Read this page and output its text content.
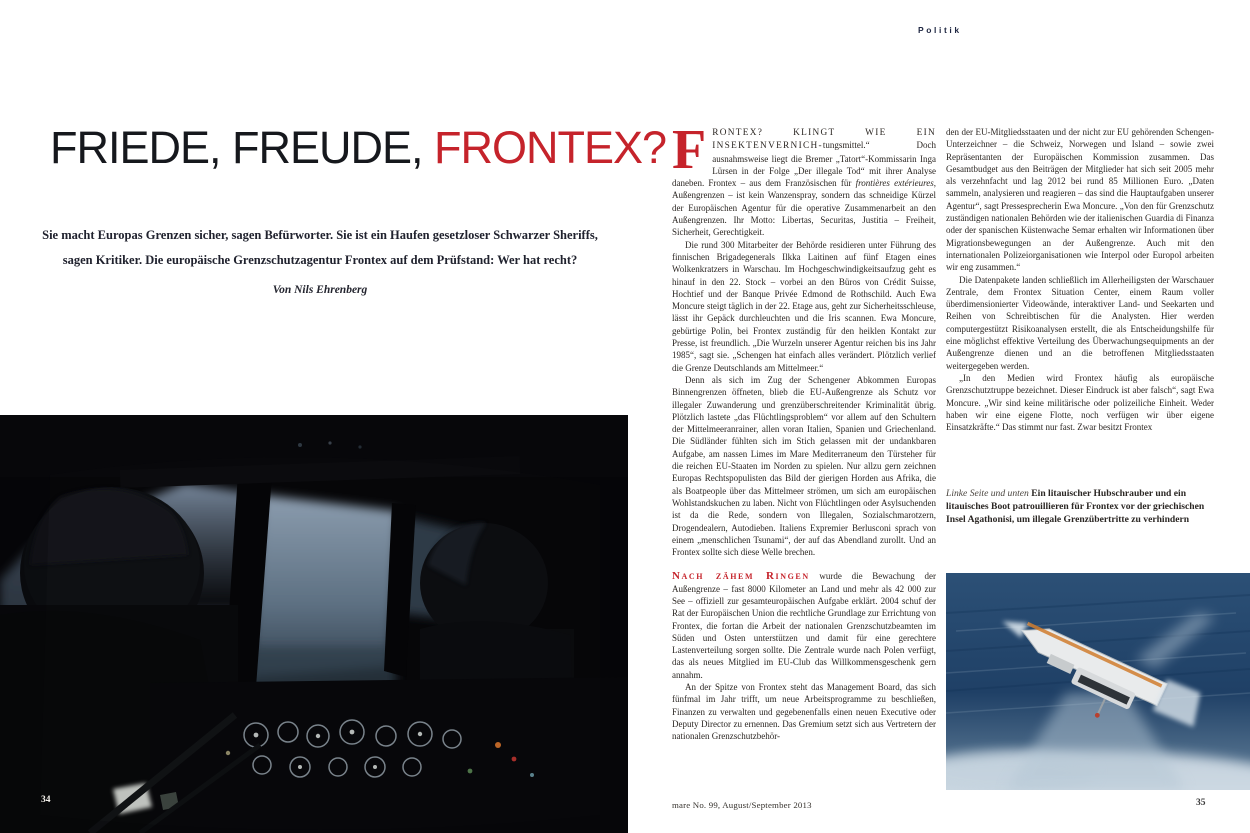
Politik
FRIEDE, FREUDE, FRONTEX?
Sie macht Europas Grenzen sicher, sagen Befürworter. Sie ist ein Haufen gesetzloser Schwarzer Sheriffs, sagen Kritiker. Die europäische Grenzschutzagentur Frontex auf dem Prüfstand: Wer hat recht?
Von Nils Ehrenberg
34

FRONTEX? KLINGT WIE EIN INSEKTENVERNICH-tungsmittel.“ Doch ausnahmsweise liegt die Bremer „Tatort“-Kommissarin Inga Lürsen in der Folge „Der illegale Tod“ mit ihrer Analyse daneben. Frontex – aus dem Französischen für frontières extérieures, Außengrenzen – ist kein Wanzenspray, sondern das schneidige Kürzel der Europäischen Agentur für die operative Zusammenarbeit an den Außengrenzen. Ihr Motto: Libertas, Securitas, Justitia – Freiheit, Sicherheit, Gerechtigkeit.

Die rund 300 Mitarbeiter der Behörde residieren unter Führung des finnischen Brigadegenerals Ilkka Laitinen auf fünf Etagen eines Wolkenkratzers in Warschau. Im Hochgeschwindigkeitsaufzug geht es hinauf in den 22. Stock – vorbei an den Büros von Crédit Suisse, Hochtief und der Banque Privée Edmond de Rothschild. Auch Ewa Moncure steigt täglich in der 22. Etage aus, geht zur Sicherheitsschleuse, lässt ihr Gepäck durchleuchten und die Iris scannen. Ewa Moncure, gebürtige Polin, bei Frontex zuständig für den heiklen Kontakt zur Presse, ist freundlich. „Die Wurzeln unserer Agentur reichen bis ins Jahr 1985“, sagt sie. „Schengen hat einfach alles verändert. Plötzlich verlief die Grenze Deutschlands am Mittelmeer.“

Denn als sich im Zug der Schengener Abkommen Europas Binnengrenzen öffneten, blieb die EU-Außengrenze als Schutz vor illegaler Zuwanderung und grenzüberschreitender Kriminalität übrig. Plötzlich lastete „das Flüchtlingsproblem“ vor allem auf den Schultern der Mittelmeeranrainer, allen voran Italien, Spanien und Griechenland. Die Südländer fühlten sich im Stich gelassen mit der undankbaren Aufgabe, am nassen Limes im Mare Mediterraneum den Türsteher für die reichen EU-Staaten im Norden zu spielen. Nur allzu gern zeichnen Europas Rechtspopulisten das Bild der gierigen Horden aus Afrika, die als Boatpeople über das Mittelmeer strömen, um sich am europäischen Wohlstandskuchen zu laben. Nicht von Flüchtlingen oder Asylsuchenden ist da die Rede, sondern von Illegalen, Sozialschmarotzern, Drogendealern, Autodieben. Italiens Expremier Berlusconi sprach von einem „menschlichen Tsunami“, der auf das Abendland zurollt. Und an Frontex sollte sich diese Welle brechen.

Nach zähem Ringen wurde die Bewachung der Außengrenze – fast 8000 Kilometer an Land und mehr als 42 000 zur See – offiziell zur gesamteuropäischen Aufgabe erklärt. 2004 schuf der Rat der Europäischen Union die rechtliche Grundlage zur Errichtung von Frontex, die fortan die Arbeit der nationalen Grenzschutzbeamten im Süden und Osten unterstützen und damit für eine gerechtere Lastenverteilung sorgen sollte. Die Zentrale wurde nach Polen verfügt, das als neues Mitglied im EU-Club das Willkommensgeschenk gern annahm.

An der Spitze von Frontex steht das Management Board, das sich fünfmal im Jahr trifft, um neue Arbeitsprogramme zu beschließen, Finanzen zu verwalten und gegebenenfalls einen neuen Executive oder Deputy Director zu ernennen. Das Gremium setzt sich aus Vertretern der nationalen Grenzschutzbehör-

den der EU-Mitgliedsstaaten und der nicht zur EU gehörenden Schengen-Unterzeichner – die Schweiz, Norwegen und Island – sowie zwei Repräsentanten der Europäischen Kommission zusammen. Das Gesamtbudget aus den Beiträgen der Mitglieder hat sich seit 2005 mehr als verzehnfacht und lag 2012 bei rund 85 Millionen Euro. „Daten sammeln, analysieren und reagieren – das sind die Hauptaufgaben unserer Agentur“, sagt Pressesprecherin Ewa Moncure. „Von den für Grenzschutz zuständigen nationalen Behörden wie der italienischen Guardia di Finanza oder der spanischen Küstenwache Semar erhalten wir Informationen über Migrationsbewegungen an der Außengrenze. Auch mit den internationalen Polizeiorganisationen wie Interpol oder Europol arbeiten wir eng zusammen.“

Die Datenpakete landen schließlich im Allerheiligsten der Warschauer Zentrale, dem Frontex Situation Center, einem Raum voller überdimensionierter Videowände, interaktiver Land- und Seekarten und Reihen von Schreibtischen für die Analysten. Hier werden computergestützt Risikoanalysen erstellt, die als Entscheidungshilfe für eine möglichst effektive Verteilung des Überwachungsequipments an der Außengrenze dienen und an die betroffenen Mitgliedsstaaten weitergegeben werden.

„In den Medien wird Frontex häufig als europäische Grenzschutztruppe bezeichnet. Dieser Eindruck ist aber falsch“, sagt Ewa Moncure. „Wir sind keine militärische oder polizeiliche Einheit. Weder haben wir eine eigene Flotte, noch verfügen wir über eigene Einsatzkräfte.“ Das stimmt nur fast. Zwar besitzt Frontex

Linke Seite und unten Ein litauischer Hubschrauber und ein litauisches Boot patrouillieren für Frontex vor der griechischen Insel Agathonisi, um illegale Grenzübertritte zu verhindern
mare No. 99, August/September 2013	35
